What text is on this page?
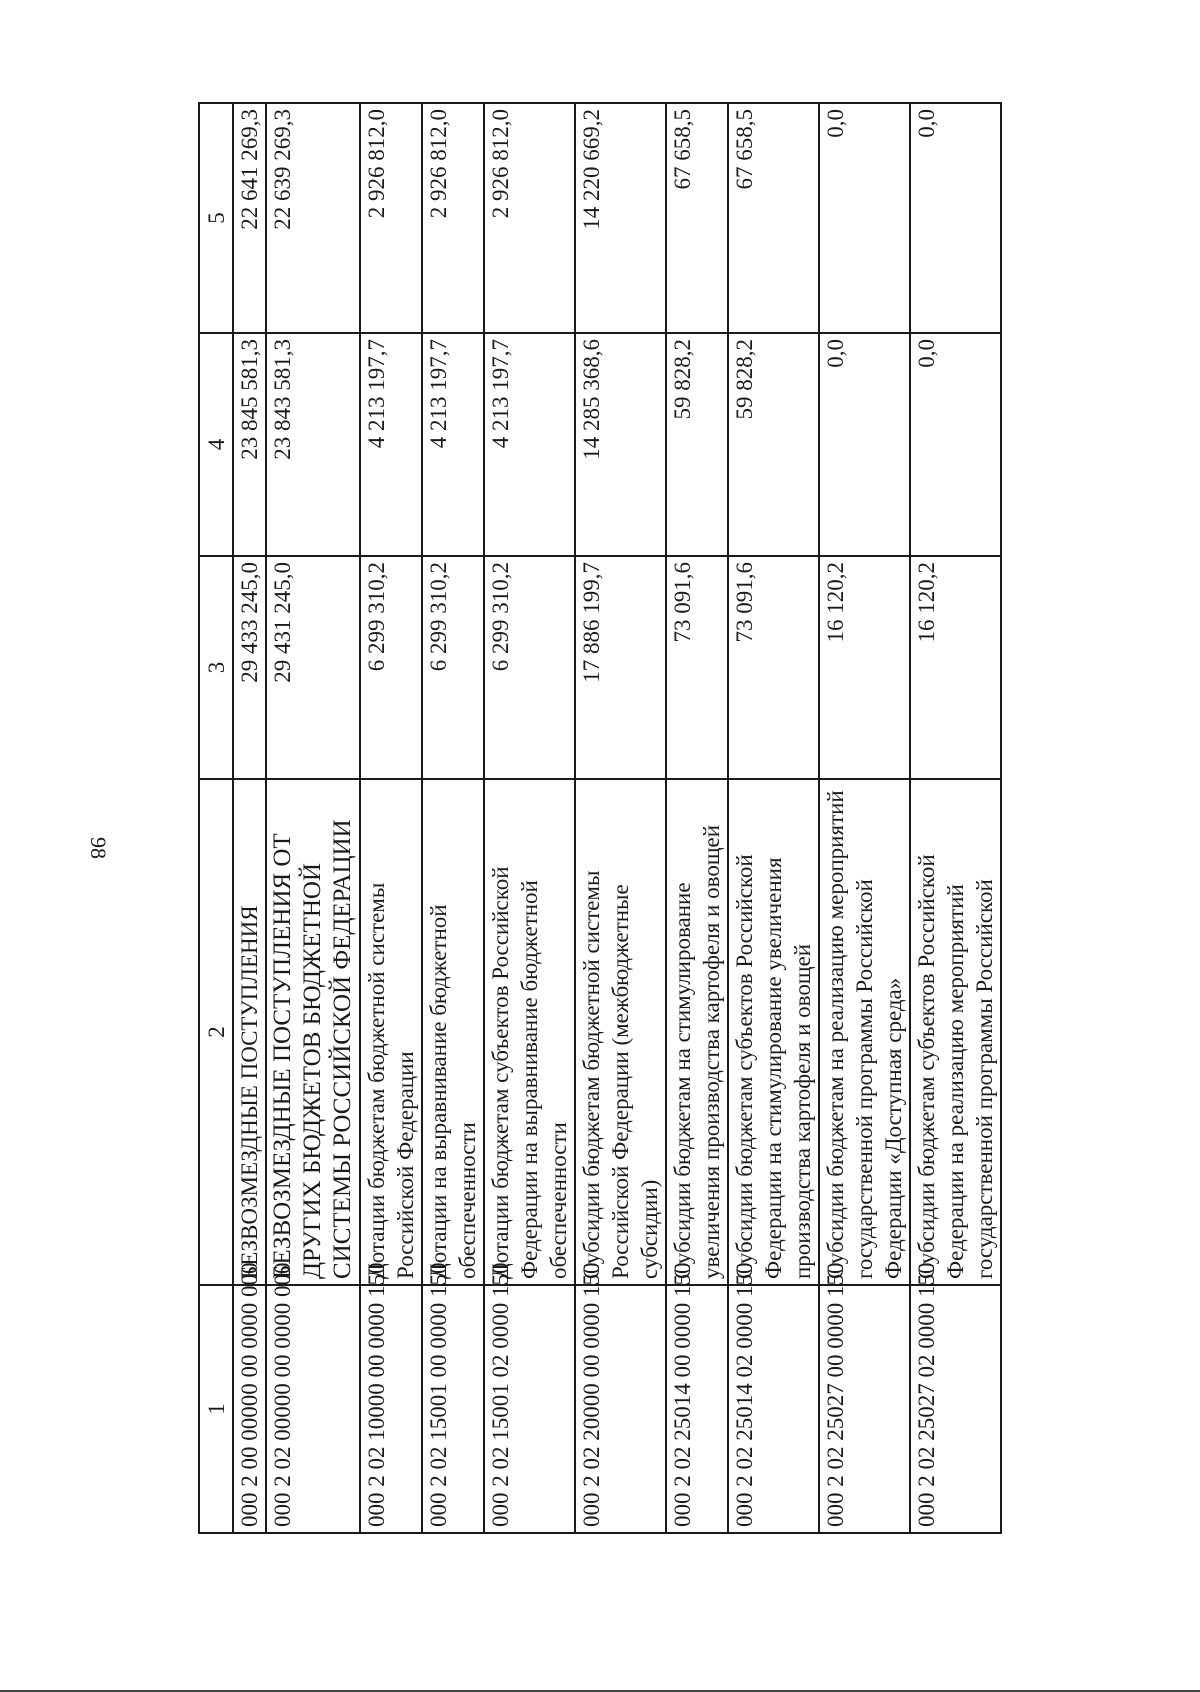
98
1	2	3	4	5
000 2 00 00000 00 0000 000	БЕЗВОЗМЕЗДНЫЕ ПОСТУПЛЕНИЯ	29 433 245,0	23 845 581,3	22 641 269,3
000 2 02 00000 00 0000 000	БЕЗВОЗМЕЗДНЫЕ ПОСТУПЛЕНИЯ ОТ ДРУГИХ БЮДЖЕТОВ БЮДЖЕТНОЙ СИСТЕМЫ РОССИЙСКОЙ ФЕДЕРАЦИИ	29 431 245,0	23 843 581,3	22 639 269,3
000 2 02 10000 00 0000 150	Дотации бюджетам бюджетной системы Российской Федерации	6 299 310,2	4 213 197,7	2 926 812,0
000 2 02 15001 00 0000 150	Дотации на выравнивание бюджетной обеспеченности	6 299 310,2	4 213 197,7	2 926 812,0
000 2 02 15001 02 0000 150	Дотации бюджетам субъектов Российской Федерации на выравнивание бюджетной обеспеченности	6 299 310,2	4 213 197,7	2 926 812,0
000 2 02 20000 00 0000 150	Субсидии бюджетам бюджетной системы Российской Федерации (межбюджетные субсидии)	17 886 199,7	14 285 368,6	14 220 669,2
000 2 02 25014 00 0000 150	Субсидии бюджетам на стимулирование увеличения производства картофеля и овощей	73 091,6	59 828,2	67 658,5
000 2 02 25014 02 0000 150	Субсидии бюджетам субъектов Российской Федерации на стимулирование увеличения производства картофеля и овощей	73 091,6	59 828,2	67 658,5
000 2 02 25027 00 0000 150	Субсидии бюджетам на реализацию мероприятий государственной программы Российской Федерации «Доступная среда»	16 120,2	0,0	0,0
000 2 02 25027 02 0000 150	Субсидии бюджетам субъектов Российской Федерации на реализацию мероприятий государственной программы Российской	16 120,2	0,0	0,0
